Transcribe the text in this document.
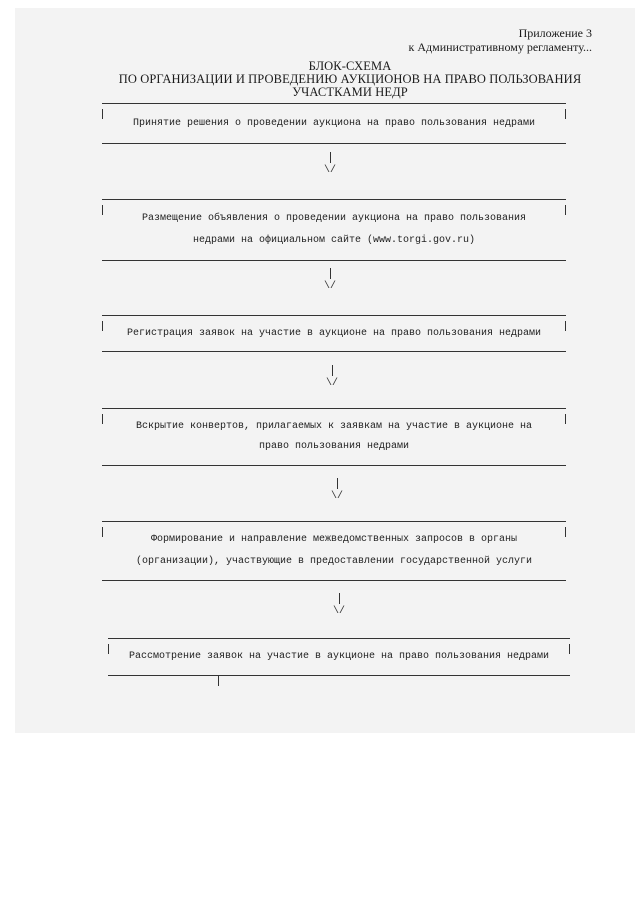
Приложение 3
к Административному регламенту...
БЛОК-СХЕМА
ПО ОРГАНИЗАЦИИ И ПРОВЕДЕНИЮ АУКЦИОНОВ НА ПРАВО ПОЛЬЗОВАНИЯ
УЧАСТКАМИ НЕДР
Принятие решения о проведении аукциона на право пользования недрами
\/
Размещение объявления о проведении аукциона на право пользования
недрами на официальном сайте (www.torgi.gov.ru)
\/
Регистрация заявок на участие в аукционе на право пользования недрами
\/
Вскрытие конвертов, прилагаемых к заявкам на участие в аукционе на
право пользования недрами
\/
Формирование и направление межведомственных запросов в органы
(организации), участвующие в предоставлении государственной услуги
\/
Рассмотрение заявок на участие в аукционе на право пользования недрами
